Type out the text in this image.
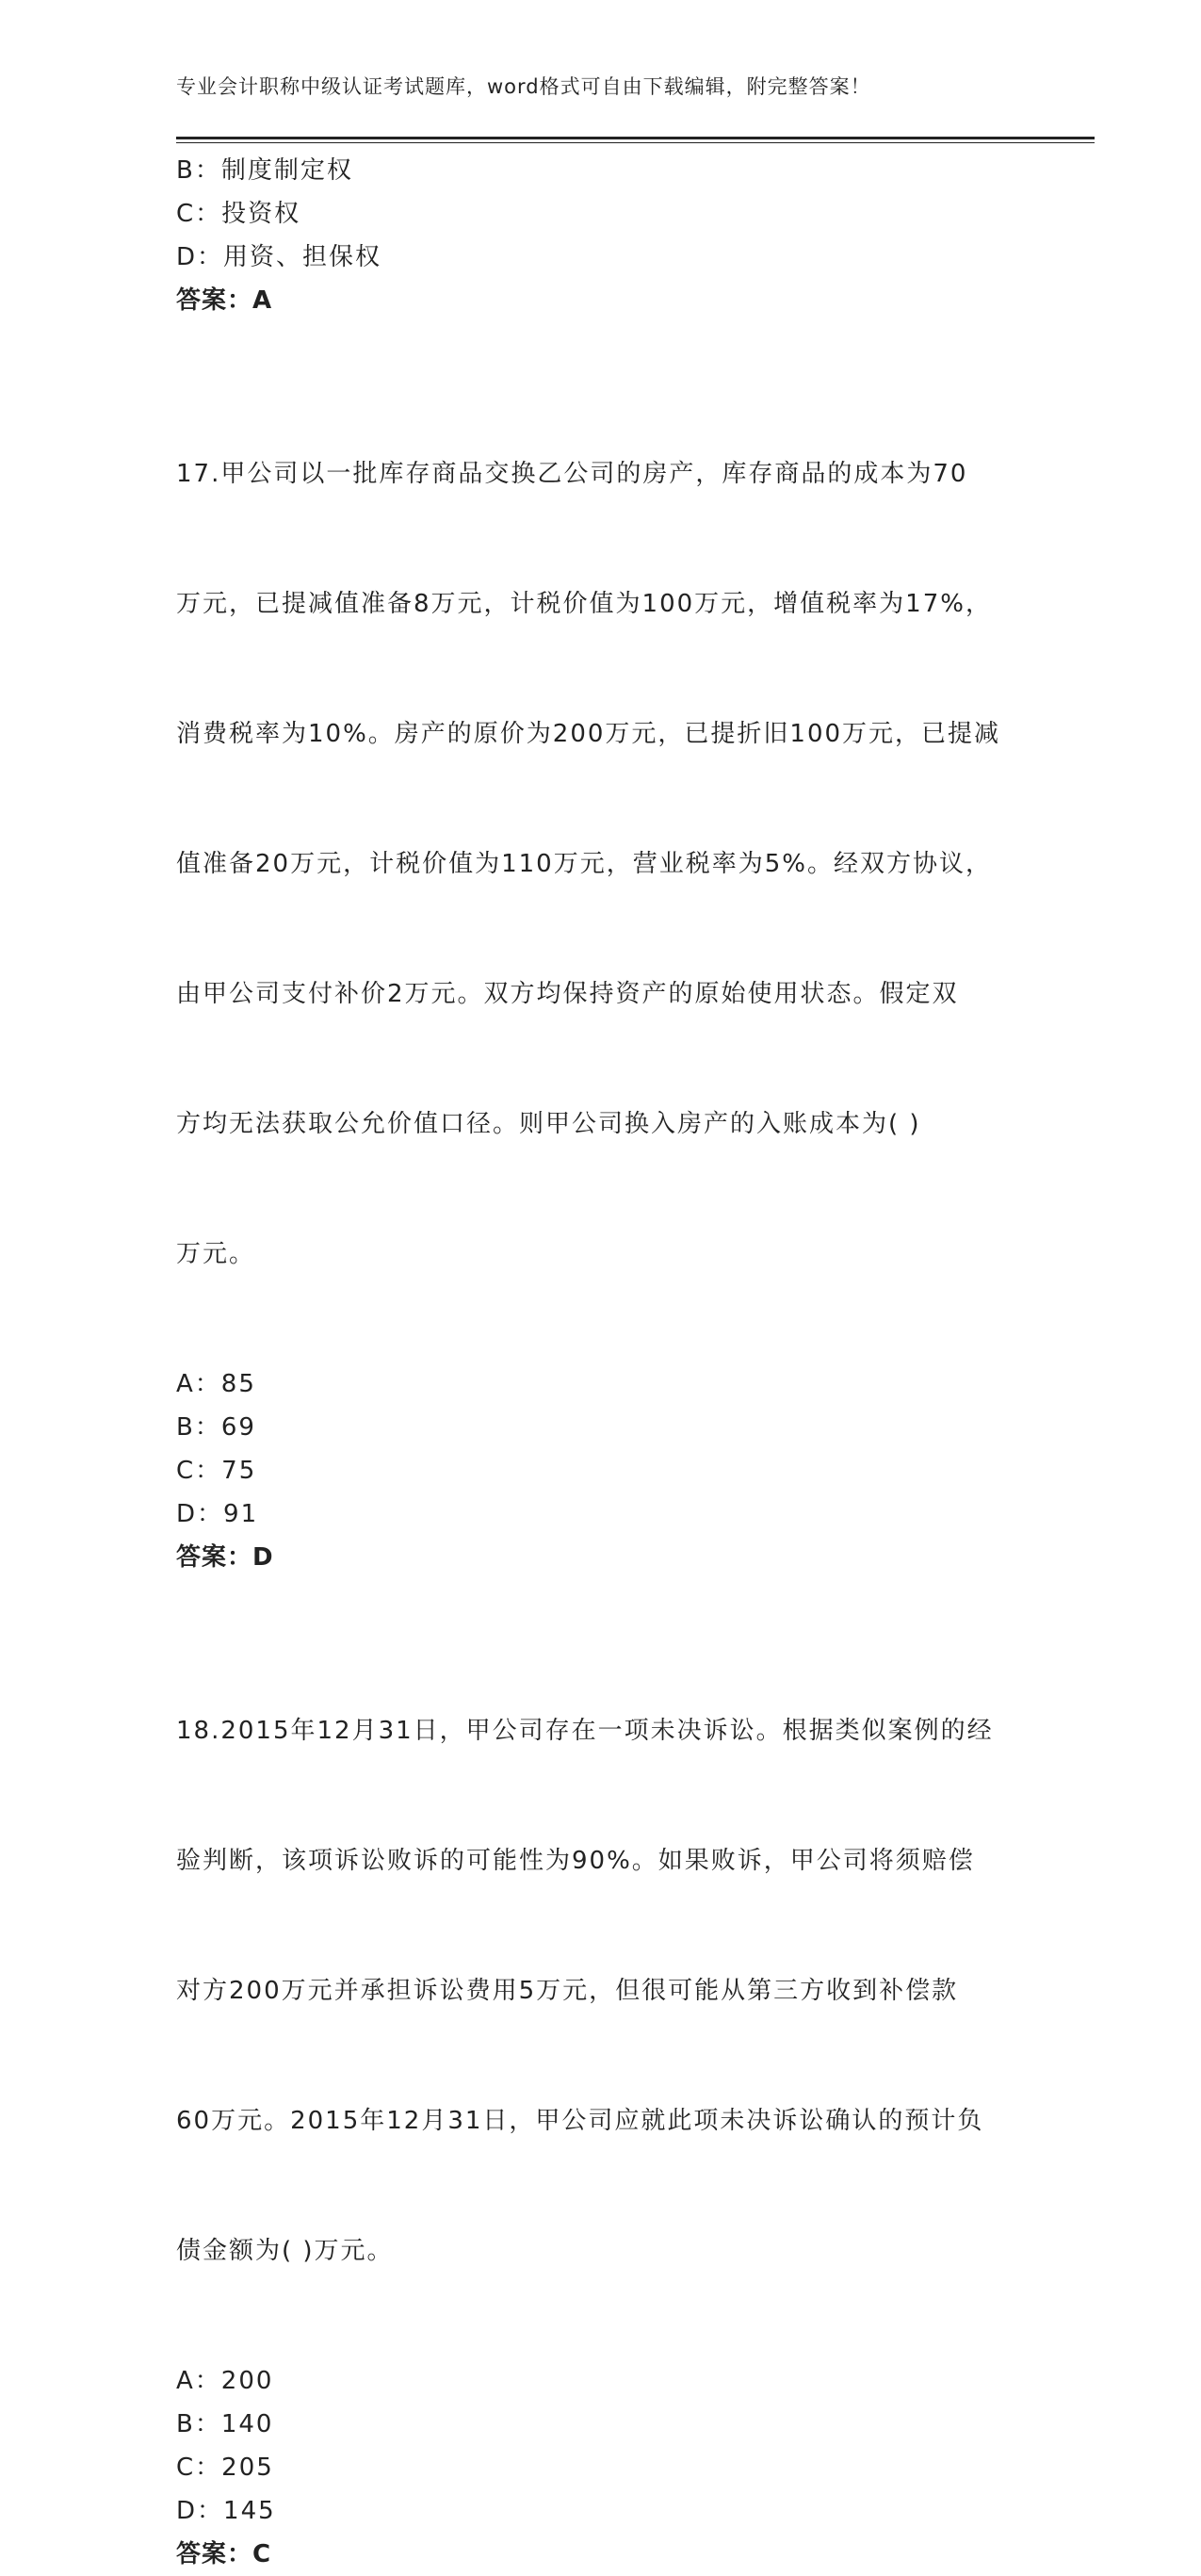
专业会计职称中级认证考试题库，word格式可自由下载编辑，附完整答案！
B：制度制定权
C：投资权
D：用资、担保权
答案：A

17.甲公司以一批库存商品交换乙公司的房产，库存商品的成本为70

万元，已提减值准备8万元，计税价值为100万元，增值税率为17%，

消费税率为10%。房产的原价为200万元，已提折旧100万元，已提减

值准备20万元，计税价值为110万元，营业税率为5%。经双方协议，

由甲公司支付补价2万元。双方均保持资产的原始使用状态。假定双

方均无法获取公允价值口径。则甲公司换入房产的入账成本为( )

万元。

A：85
B：69
C：75
D：91
答案：D

18.2015年12月31日，甲公司存在一项未决诉讼。根据类似案例的经

验判断，该项诉讼败诉的可能性为90%。如果败诉，甲公司将须赔偿

对方200万元并承担诉讼费用5万元，但很可能从第三方收到补偿款

60万元。2015年12月31日，甲公司应就此项未决诉讼确认的预计负

债金额为( )万元。

A：200
B：140
C：205
D：145
答案：C
